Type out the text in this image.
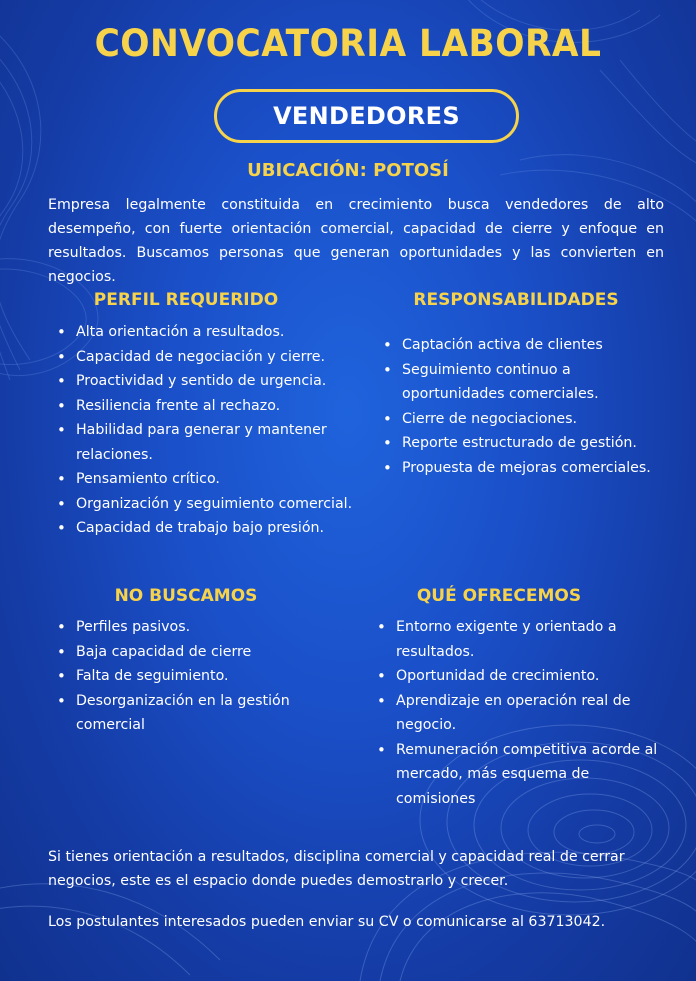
CONVOCATORIA LABORAL
VENDEDORES
UBICACIÓN: POTOSÍ
Empresa legalmente constituida en crecimiento busca vendedores de alto desempeño, con fuerte orientación comercial, capacidad de cierre y enfoque en resultados. Buscamos personas que generan oportunidades y las convierten en negocios.
PERFIL REQUERIDO
• Alta orientación a resultados.
• Capacidad de negociación y cierre.
• Proactividad y sentido de urgencia.
• Resiliencia frente al rechazo.
• Habilidad para generar y mantener relaciones.
• Pensamiento crítico.
• Organización y seguimiento comercial.
• Capacidad de trabajo bajo presión.
RESPONSABILIDADES
• Captación activa de clientes
• Seguimiento continuo a oportunidades comerciales.
• Cierre de negociaciones.
• Reporte estructurado de gestión.
• Propuesta de mejoras comerciales.
NO BUSCAMOS
• Perfiles pasivos.
• Baja capacidad de cierre
• Falta de seguimiento.
• Desorganización en la gestión comercial
QUÉ OFRECEMOS
• Entorno exigente y orientado a resultados.
• Oportunidad de crecimiento.
• Aprendizaje en operación real de negocio.
• Remuneración competitiva acorde al mercado, más esquema de comisiones
Si tienes orientación a resultados, disciplina comercial y capacidad real de cerrar negocios, este es el espacio donde puedes demostrarlo y crecer.
Los postulantes interesados pueden enviar su CV o comunicarse al 63713042.
